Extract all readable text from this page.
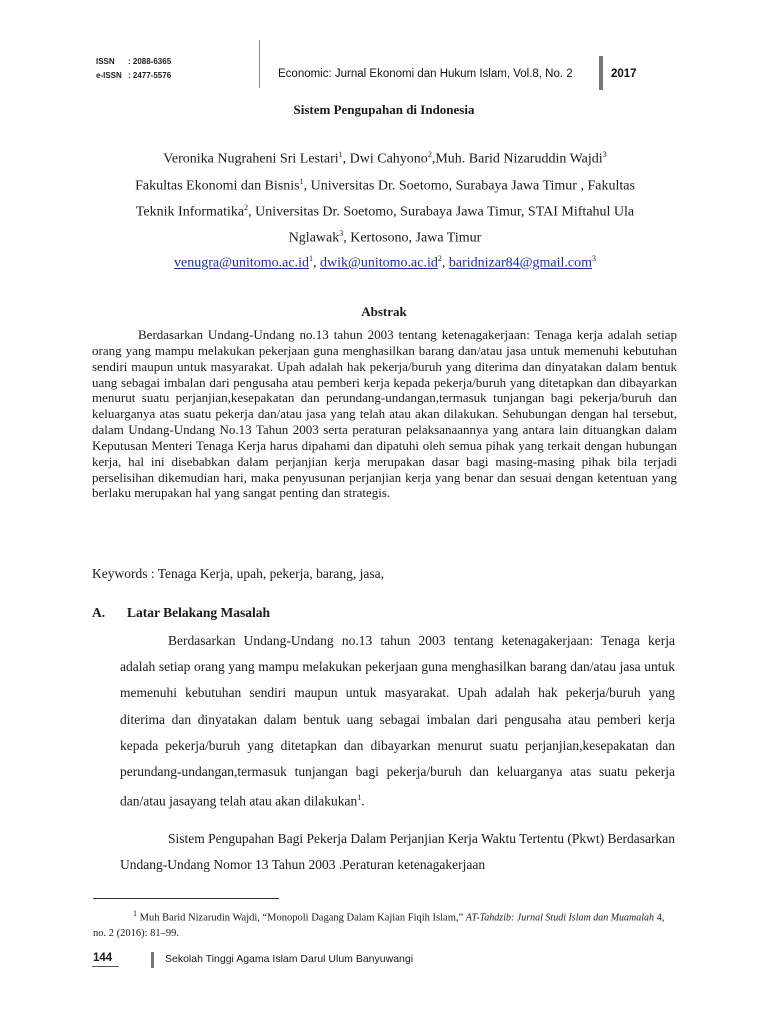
ISSN : 2088-6365
e-ISSN : 2477-5576	Economic: Jurnal Ekonomi dan Hukum Islam, Vol.8, No. 2	2017
Sistem Pengupahan di Indonesia
Veronika Nugraheni Sri Lestari$^1$, Dwi Cahyono$^2$,Muh. Barid Nizaruddin Wajdi$^3$
Fakultas Ekonomi dan Bisnis$^1$, Universitas Dr. Soetomo, Surabaya Jawa Timur , Fakultas
Teknik Informatika$^2$, Universitas Dr. Soetomo, Surabaya Jawa Timur, STAI Miftahul Ula
Nglawak$^3$, Kertosono, Jawa Timur
$venugra@unitomo.ac.id^1$, $dwik@unitomo.ac.id^2$, baridnizar84@gmail.com$^3$
Abstrak

Berdasarkan Undang-Undang no.13 tahun 2003 tentang ketenagakerjaan: Tenaga kerja adalah setiap orang yang mampu melakukan pekerjaan guna menghasilkan barang dan/atau jasa untuk memenuhi kebutuhan sendiri maupun untuk masyarakat. Upah adalah hak pekerja/buruh yang diterima dan dinyatakan dalam bentuk uang sebagai imbalan dari pengusaha atau pemberi kerja kepada pekerja/buruh yang ditetapkan dan dibayarkan menurut suatu perjanjian,kesepakatan dan perundang-undangan,termasuk tunjangan bagi pekerja/buruh dan keluarganya atas suatu pekerja dan/atau jasa yang telah atau akan dilakukan. Sehubungan dengan hal tersebut, dalam Undang-Undang No.13 Tahun 2003 serta peraturan pelaksanaannya yang antara lain dituangkan dalam Keputusan Menteri Tenaga Kerja harus dipahami dan dipatuhi oleh semua pihak yang terkait dengan hubungan kerja, hal ini disebabkan dalam perjanjian kerja merupakan dasar bagi masing-masing pihak bila terjadi perselisihan dikemudian hari, maka penyusunan perjanjian kerja yang benar dan sesuai dengan ketentuan yang berlaku merupakan hal yang sangat penting dan strategis.

Keywords : Tenaga Kerja, upah, pekerja, barang, jasa,
A. Latar Belakang Masalah

Berdasarkan Undang-Undang no.13 tahun 2003 tentang ketenagakerjaan: Tenaga kerja adalah setiap orang yang mampu melakukan pekerjaan guna menghasilkan barang dan/atau jasa untuk memenuhi kebutuhan sendiri maupun untuk masyarakat. Upah adalah hak pekerja/buruh yang diterima dan dinyatakan dalam bentuk uang sebagai imbalan dari pengusaha atau pemberi kerja kepada pekerja/buruh yang ditetapkan dan dibayarkan menurut suatu perjanjian,kesepakatan dan perundang-undangan,termasuk tunjangan bagi pekerja/buruh dan keluarganya atas suatu pekerja dan/atau jasayang telah atau akan dilakukan$^1$.

Sistem Pengupahan Bagi Pekerja Dalam Perjanjian Kerja Waktu Tertentu (Pkwt) Berdasarkan Undang-Undang Nomor 13 Tahun 2003 .Peraturan ketenagakerjaan

$^1$ Muh Barid Nizarudin Wajdi, “Monopoli Dagang Dalam Kajian Fiqih Islam,” AT-Tahdzib: Jurnal Studi Islam dan Muamalah 4, no. 2 (2016): 81–99.
144	Sekolah Tinggi Agama Islam Darul Ulum Banyuwangi
